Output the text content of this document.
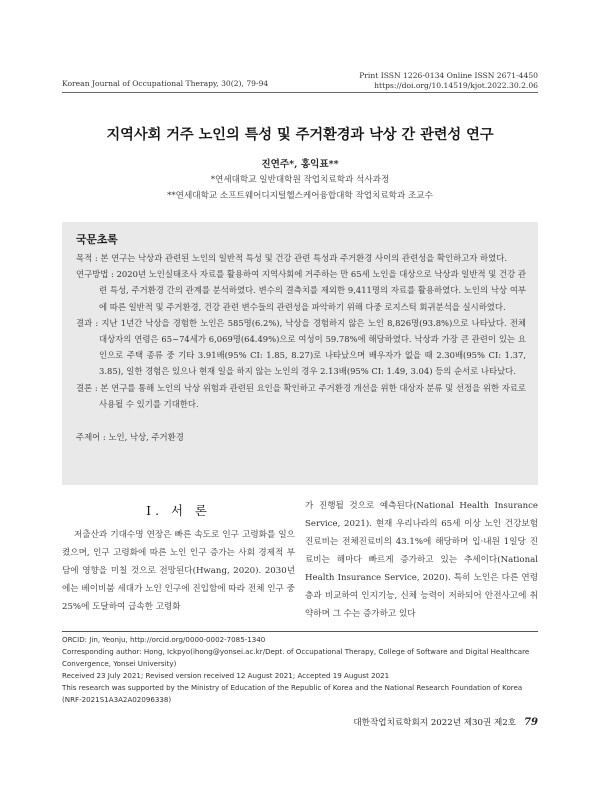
Korean Journal of Occupational Therapy, 30(2), 79-94
Print ISSN 1226-0134 Online ISSN 2671-4450
https://doi.org/10.14519/kjot.2022.30.2.06
지역사회 거주 노인의 특성 및 주거환경과 낙상 간 관련성 연구
진연주*, 홍익표**
*연세대학교 일반대학원 작업치료학과 석사과정
**연세대학교 소프트웨어디지털헬스케어융합대학 작업치료학과 조교수
국문초록
목적 : 본 연구는 낙상과 관련된 노인의 일반적 특성 및 건강 관련 특성과 주거환경 사이의 관련성을 확인하고자 하였다.
연구방법 : 2020년 노인실태조사 자료를 활용하여 지역사회에 거주하는 만 65세 노인을 대상으로 낙상과 일반적 및 건강 관련 특성, 주거환경 간의 관계를 분석하였다. 변수의 결측치를 제외한 9,411명의 자료를 활용하였다. 노인의 낙상 여부에 따른 일반적 및 주거환경, 건강 관련 변수들의 관련성을 파악하기 위해 다중 로지스틱 회귀분석을 실시하였다.
결과 : 지난 1년간 낙상을 경험한 노인은 585명(6.2%), 낙상을 경험하지 않은 노인 8,826명(93.8%)으로 나타났다. 전체 대상자의 연령은 65~74세가 6,069명(64.49%)으로 여성이 59.78%에 해당하였다. 낙상과 가장 큰 관련이 있는 요인으로 주택 종류 중 기타 3.91배(95% CI: 1.85, 8.27)로 나타났으며 배우자가 없을 때 2.30배(95% CI: 1.37, 3.85), 일한 경험은 있으나 현재 일을 하지 않는 노인의 경우 2.13배(95% CI: 1.49, 3.04) 등의 순서로 나타났다.
결론 : 본 연구를 통해 노인의 낙상 위험과 관련된 요인을 확인하고 주거환경 개선을 위한 대상자 분류 및 선정을 위한 자료로 사용될 수 있기를 기대한다.
주제어 : 노인, 낙상, 주거환경
Ⅰ. 서 론

저출산과 기대수명 연장은 빠른 속도로 인구 고령화를 일으켰으며, 인구 고령화에 따른 노인 인구 증가는 사회 경제적 부담에 영향을 미칠 것으로 전망된다(Hwang, 2020). 2030년에는 베이비붐 세대가 노인 인구에 진입함에 따라 전체 인구 중 25%에 도달하여 급속한 고령화

가 진행될 것으로 예측된다(National Health Insurance Service, 2021). 현재 우리나라의 65세 이상 노인 건강보험 진료비는 전체진료비의 43.1%에 해당하며 입·내원 1일당 진료비는 해마다 빠르게 증가하고 있는 추세이다(National Health Insurance Service, 2020). 특히 노인은 다른 연령층과 비교하여 인지기능, 신체 능력이 저하되어 안전사고에 취약하며 그 수는 증가하고 있다

ORCID: Jin, Yeonju, http://orcid.org/0000-0002-7085-1340
Corresponding author: Hong, Ickpyo(ihong@yonsei.ac.kr/Dept. of Occupational Therapy, College of Software and Digital Healthcare
Convergence, Yonsei University)
Received 23 July 2021; Revised version received 12 August 2021; Accepted 19 August 2021
This research was supported by the Ministry of Education of the Republic of Korea and the National Research Foundation of Korea
(NRF-2021S1A3A2A02096338)
대한작업치료학회지 2022년 제30권 제2호 79
